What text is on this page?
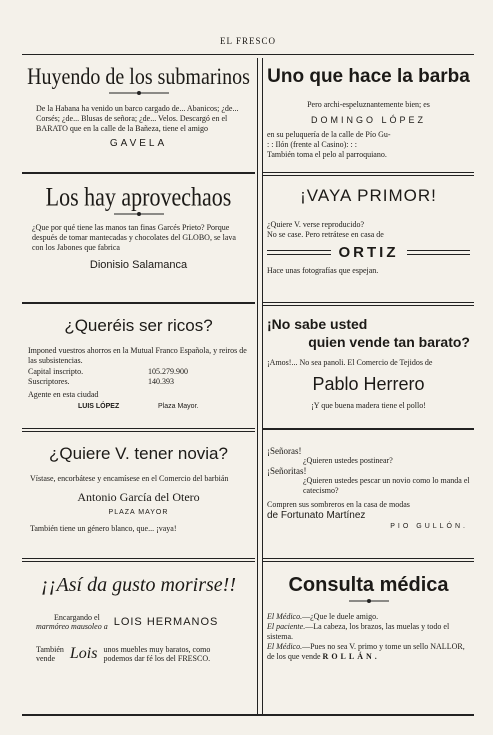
EL FRESCO
Huyendo de los submarinos

De la Habana ha venido un barco cargado de... Abanicos; ¿de... Corsés; ¿de... Blusas de señora; ¿de... Velos. Descargó en el BARATO que en la calle de la Bañeza, tiene el amigo

GAVELA
Uno que hace la barba

Pero archi-espeluznantemente bien; es

DOMINGO LÓPEZ

en su peluquería de la calle de Pío Gu-

: : Ilón (frente al Casino): : :

También toma el pelo al parroquiano.

Los hay aprovechaos

¿Que por qué tiene las manos tan finas Garcés Prieto? Porque después de tomar mantecadas y chocolates del GLOBO, se lava con los Jabones que fabrica

Dionisio Salamanca
¡VAYA PRIMOR!

¿Quiere V. verse reproducido?

No se case. Pero retrátese en casa de

ORTIZ

Hace unas fotografías que espejan.

¿Queréis ser ricos?

Imponed vuestros ahorros en la Mutual Franco Española, y reiros de las subsistencias.

Capital inscripto.	105.279.900
Suscriptores.	140.393

Agente en esta ciudad

LUIS LÓPEZ	Plaza Mayor.
¡No sabe usted
quien vende tan barato?

¡Amos!... No sea panoli. El Comercio de Tejidos de

Pablo Herrero

¡Y que buena madera tiene el pollo!

¿Quiere V. tener novia?

Vístase, encorbátese y encamísese en el Comercio del barbián

Antonio García del Otero
PLAZA MAYOR

También tiene un género blanco, que... ¡vaya!

¡Señoras!

¿Quieren ustedes postinear?

¡Señoritas!

¿Quieren ustedes pescar un novio como lo manda el catecismo?

Compren sus sombreros en la casa de modas

de Fortunato Martínez
PIO GULLÓN.
¡¡Así da gusto morirse!!
Encargando el
marmóreo mausoleo a LOIS HERMANOS
También
vende Lois unos muebles muy baratos, como podemos dar fé los del FRESCO.
Consulta médica

El Médico.—¿Que le duele amigo.

El paciente.—La cabeza, los brazos, las muelas y todo el sistema.

El Médico.—Pues no sea V. primo y tome un sello NALLOR, de los que vende ROLLÁN.
